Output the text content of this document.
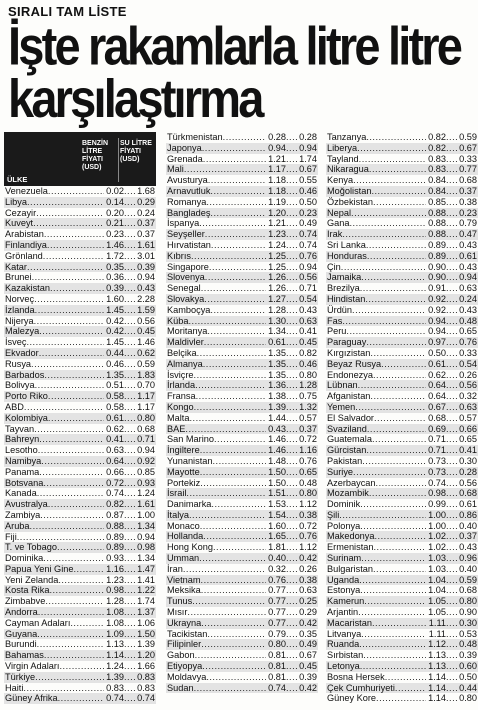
SIRALI TAM LİSTE
İşte rakamlarla litre litre karşılaştırma
ÜLKE
BENZİN LİTRE FİYATI (USD)
SU LİTRE FİYATI (USD)
Venezuela .....	0.02 ..... 1.68
Libya .....	0.14 ..... 0.29
Cezayir .....	0.20 ..... 0.24
Kuveyt .....	0.21 ..... 0.37
Arabistan .....	0.23 ..... 0.37
Finlandiya .....	1.46 ..... 1.61
Grönland .....	1.72 ..... 3.01
Katar .....	0.35 ..... 0.39
Brunei .....	0.36 ..... 0.94
Kazakistan .....	0.39 ..... 0.43
Norveç .....	1.60 ..... 2.28
İzlanda .....	1.45 ..... 1.59
Nijerya .....	0.42 ..... 0.56
Malezya .....	0.42 ..... 0.45
İsveç .....	1.45 ..... 1.46
Ekvador .....	0.44 ..... 0.62
Rusya .....	0.46 ..... 0.59
Barbados .....	1.35 ..... 1.83
Bolivya .....	0.51 ..... 0.70
Porto Riko .....	0.58 ..... 1.17
ABD .....	0.58 ..... 1.17
Kolombiya .....	0.61 ..... 0.80
Tayvan .....	0.62 ..... 0.68
Bahreyn .....	0.41 ..... 0.71
Lesotho .....	0.63 ..... 0.94
Namibya .....	0.64 ..... 0.92
Panama .....	0.66 ..... 0.85
Botsvana .....	0.72 ..... 0.93
Kanada .....	0.74 ..... 1.24
Avustralya .....	0.82 ..... 1.61
Zambiya .....	0.87 ..... 1.00
Aruba .....	0.88 ..... 1.34
Fiji .....	0.89 ..... 0.94
T. ve Tobago .....	0.89 ..... 0.98
Dominika .....	0.93 ..... 1.34
Papua Yeni Gine .....	1.16 ..... 1.47
Yeni Zelanda .....	1.23 ..... 1.41
Kosta Rika .....	0.98 ..... 1.22
Zimbabve .....	1.28 ..... 1.74
Andorra .....	1.08 ..... 1.37
Cayman Adaları .....	1.08 ..... 1.06
Guyana .....	1.09 ..... 1.50
Burundi .....	1.13 ..... 1.39
Bahamas .....	1.14 ..... 1.20
Virgin Adaları .....	1.24 ..... 1.66
Türkiye .....	1.39 ..... 0.83
Haiti .....	0.83 ..... 0.83
Güney Afrika .....	0.74 ..... 0.74
Türkmenistan .....	0.28 ..... 0.28
Japonya .....	0.94 ..... 0.94
Grenada .....	1.21 ..... 1.74
Mali .....	1.17 ..... 0.67
Avusturya .....	1.18 ..... 0.55
Arnavutluk .....	1.18 ..... 0.46
Romanya .....	1.19 ..... 0.50
Bangladeş .....	1.20 ..... 0.23
İspanya .....	1.21 ..... 0.49
Seyşeller .....	1.23 ..... 0.74
Hırvatistan .....	1.24 ..... 0.74
Kıbrıs .....	1.25 ..... 0.76
Singapore .....	1.25 ..... 0.94
Slovenya .....	1.26 ..... 0.56
Senegal .....	1.26 ..... 0.71
Slovakya .....	1.27 ..... 0.54
Kamboçya .....	1.28 ..... 0.43
Küba .....	1.30 ..... 0.63
Moritanya .....	1.34 ..... 0.41
Maldivler .....	0.61 ..... 0.45
Belçika .....	1.35 ..... 0.82
Almanya .....	1.35 ..... 0.46
İsviçre .....	1.35 ..... 0.80
İrlanda .....	1.36 ..... 1.28
Fransa .....	1.38 ..... 0.75
Kongo .....	1.39 ..... 1.32
Malta .....	1.44 ..... 0.57
BAE .....	0.43 ..... 0.37
San Marino .....	1.46 ..... 0.72
İngiltere .....	1.46 ..... 1.16
Yunanistan .....	1.48 ..... 0.76
Mayotte .....	1.50 ..... 0.65
Portekiz .....	1.50 ..... 0.48
İsrail .....	1.51 ..... 0.80
Danimarka .....	1.53 ..... 1.12
İtalya .....	1.54 ..... 0.38
Monaco .....	1.60 ..... 0.72
Hollanda .....	1.65 ..... 0.76
Hong Kong .....	1.81 ..... 1.12
Umman .....	0.40 ..... 0.42
İran .....	0.32 ..... 0.26
Vietnam .....	0.76 ..... 0.38
Meksika .....	0.77 ..... 0.63
Tunus .....	0.77 ..... 0.25
Mısır .....	0.77 ..... 0.29
Ukrayna .....	0.77 ..... 0.42
Tacikistan .....	0.79 ..... 0.35
Filipinler .....	0.80 ..... 0.49
Gabon .....	0.81 ..... 0.67
Etiyopya .....	0.81 ..... 0.45
Moldavya .....	0.81 ..... 0.39
Sudan .....	0.74 ..... 0.42
Tanzanya .....	0.82 ..... 0.59
Liberya .....	0.82 ..... 0.67
Tayland .....	0.83 ..... 0.33
Nikaragua .....	0.83 ..... 0.77
Kenya .....	0.84 ..... 0.68
Moğolistan .....	0.84 ..... 0.37
Özbekistan .....	0.85 ..... 0.38
Nepal .....	0.88 ..... 0.23
Gana .....	0.88 ..... 0.79
Irak .....	0.88 ..... 0.47
Sri Lanka .....	0.89 ..... 0.43
Honduras .....	0.89 ..... 0.61
Çin .....	0.90 ..... 0.43
Jamaika .....	0.90 ..... 0.94
Brezilya .....	0.91 ..... 0.63
Hindistan .....	0.92 ..... 0.24
Ürdün .....	0.92 ..... 0.43
Fas .....	0.94 ..... 0.48
Peru .....	0.94 ..... 0.65
Paraguay .....	0.97 ..... 0.76
Kırgızistan .....	0.50 ..... 0.33
Beyaz Rusya .....	0.61 ..... 0.54
Endonezya .....	0.62 ..... 0.26
Lübnan .....	0.64 ..... 0.56
Afganistan .....	0.64 ..... 0.32
Yemen .....	0.67 ..... 0.63
El Salvador .....	0.68 ..... 0.57
Svaziland .....	0.69 ..... 0.66
Guatemala .....	0.71 ..... 0.65
Gürcistan .....	0.71 ..... 0.41
Pakistan .....	0.73 ..... 0.30
Suriye .....	0.73 ..... 0.28
Azerbaycan .....	0.74 ..... 0.56
Mozambik .....	0.98 ..... 0.68
Dominik .....	0.99 ..... 0.61
Şili .....	1.00 ..... 0.86
Polonya .....	1.00 ..... 0.40
Makedonya .....	1.02 ..... 0.37
Ermenistan .....	1.02 ..... 0.43
Surinam .....	1.03 ..... 0.96
Bulgaristan .....	1.03 ..... 0.40
Uganda .....	1.04 ..... 0.59
Estonya .....	1.04 ..... 0.68
Kamerun .....	1.05 ..... 0.80
Arjantin .....	1.05 ..... 0.90
Macaristan .....	1.11 ..... 0.30
Litvanya .....	1.11 ..... 0.53
Ruanda .....	1.12 ..... 0.48
Sırbistan .....	1.13 ..... 0.39
Letonya .....	1.13 ..... 0.60
Bosna Hersek .....	1.14 ..... 0.50
Çek Cumhuriyeti .....	1.14 ..... 0.44
Güney Kore .....	1.14 ..... 0.80
